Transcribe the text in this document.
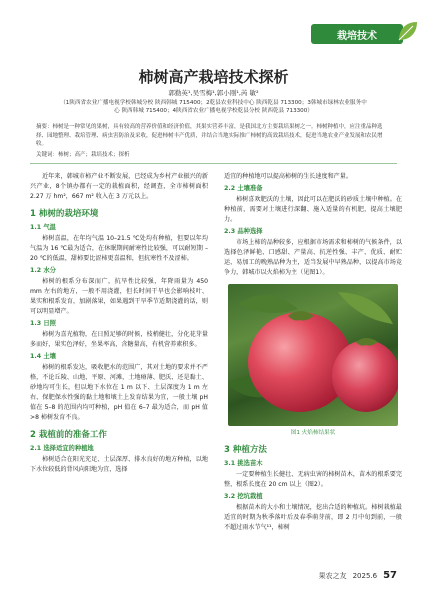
栽培技术
柿树高产栽培技术探析
郭勤英¹,吴雪梅¹,郭小刚¹,芮 敏²
（1陕西省农业广播电视学校韩城分校 陕西韩城 715400；2乾县农业科技中心 陕西乾县 713300；3韩城市绿林农业服务中心 陕西韩城 715400；4陕西省农业广播电视学校乾县分校 陕西乾县 713300）
摘要：柿树是一种常见的果树，具有较高的营养价值和经济价值，其果实营养丰富，是我国北方主要栽培果树之一。柿树种植中，应注重品种选择、园地整理、栽培管理、病虫害防治及采收，促进柿树丰产优质，并结合当地实际推广柿树的高效栽培技术，促进当地农业产业发展和农民增收。
关键词：柿树；高产；栽培技术；探析

近年来，韩城市柿产业不断发展，已经成为乡村产业振兴的新兴产业，8个镇办都有一定的栽植面积，经调查，全市柿树面积 2.27 万 hm²，667 m² 收入在 3 万元以上。

1 柿树的栽培环境
1.1 气温

柿树喜温，在年均气温 10–21.5 ℃处均有种植，但要以年均气温为 16 ℃最为适合，在休眠期间耐寒性比较强，可以耐短期 –20 ℃的低温，甜柿要比涩柿更喜温和，但抗寒性不及涩柿。

1.2 水分

柿树的根系分布深而广，抗旱性比较强，年降雨量为 450 mm 左右的地方，一般不用浇灌，但长时间干旱也会影响枝叶、果实和根系发育，加剧落果，如果遇到干旱季节适期浇灌的话，则可以明显增产。

1.3 日照

柿树为喜光植物，在日照足够的时候，枝梢健壮，分化花芽量多而好，果实色泽好，坐果率高，含糖量高，有机营养素积多。

1.4 土壤

柿树的根系发达，吸收肥水的范围广，其对土地的要求并不严格，不论丘陵、山地、平原、河滩，土地瘠薄、肥沃、还是黏土、砂地均可生长，但以地下水位在 1 m 以下、土层深度为 1 m 左右、保肥保水性强的黏土地和壤土上发育结果为宜，一般土壤 pH 值在 5–8 的范围内均可种植，pH 值在 6–7 最为适合，而 pH 值 >8 柿树发育不良。

2 栽植前的准备工作
2.1 选择适宜的种植地

柿树适合在阳光充足、土层深厚、排水良好的地方种植，以地下水位较低的背风向阳地为宜，选择

适宜的种植地可以提高柿树的生长速度和产量。

2.2 土壤准备

柿树喜欢肥沃的土壤，因此可以在肥沃的砂质土壤中种植。在种植前，需要对土壤进行深翻、施入适量的有机肥，提高土壤肥力。

2.3 品种选择

市场上柿的品种较多，应根据市场需求和柿树的气候条件，以选择色泽鲜艳、口感甜、产量高、抗逆性强、丰产、优质、耐贮运、易加工的晚熟品种为主，适当发展中早熟品种，以提高市场竞争力，韩城市以火焰柿为主（见图1）。

图1 火焰柿结果状
3 种植方法
3.1 挑选苗木

一定要种植生长健壮、无病虫害的柿树苗木，苗木的根系要完整，根系长度在 20 cm 以上（图2）。

3.2 挖坑栽植

根据苗木的大小和土壤情况，挖出合适的种植坑。柿树栽植最适宜的时期为秋季落叶后及春季萌芽前，即 2 月中旬到前，一般不超过雨水节气¹¹，柿树

果农之友 2025.6 57
